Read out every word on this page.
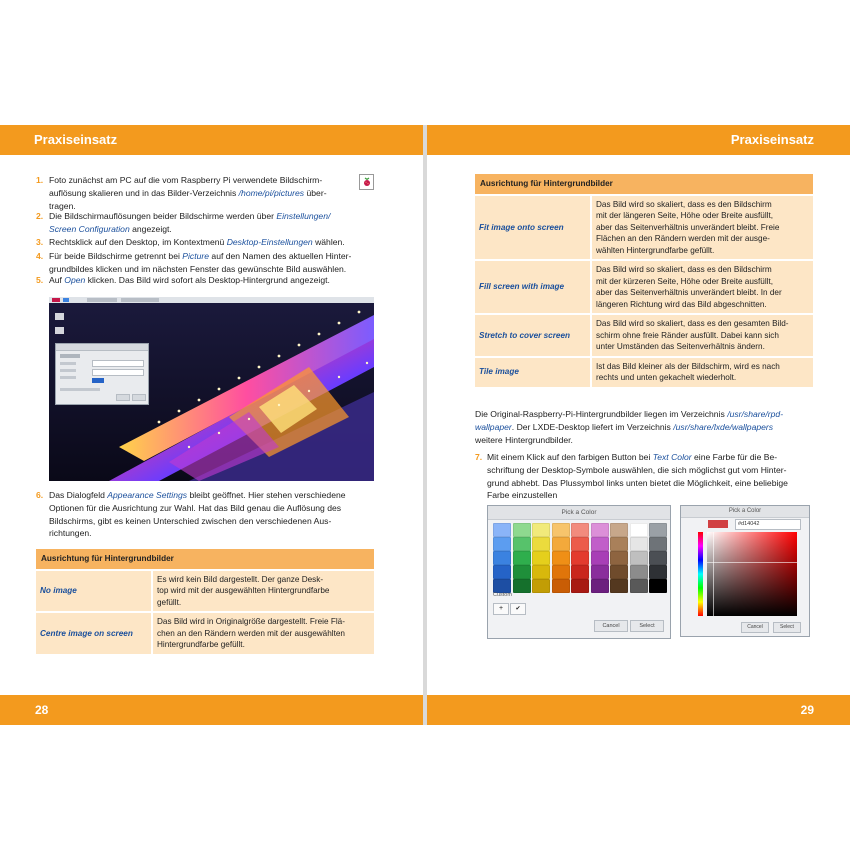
Praxiseinsatz
1. Foto zunächst am PC auf die vom Raspberry Pi verwendete Bildschirm-
auflösung skalieren und in das Bilder-Verzeichnis /home/pi/pictures über-
tragen.
2. Die Bildschirmauflösungen beider Bildschirme werden über Einstellungen/
Screen Configuration angezeigt.
3. Rechtsklick auf den Desktop, im Kontextmenü Desktop-Einstellungen wählen.
4. Für beide Bildschirme getrennt bei Picture auf den Namen des aktuellen Hinter-
grundbildes klicken und im nächsten Fenster das gewünschte Bild auswählen.
5. Auf Open klicken. Das Bild wird sofort als Desktop-Hintergrund angezeigt.
6. Das Dialogfeld Appearance Settings bleibt geöffnet. Hier stehen verschiedene
Optionen für die Ausrichtung zur Wahl. Hat das Bild genau die Auflösung des
Bildschirms, gibt es keinen Unterschied zwischen den verschiedenen Aus-
richtungen.
Ausrichtung für Hintergrundbilder	
No image	Es wird kein Bild dargestellt. Der ganze Desk-
top wird mit der ausgewählten Hintergrundfarbe
gefüllt.

Centre image on screen	Das Bild wird in Originalgröße dargestellt. Freie Flä-
chen an den Rändern werden mit der ausgewählten
Hintergrundfarbe gefüllt.
28
Praxiseinsatz
Ausrichtung für Hintergrundbilder	
Fit image onto screen	Das Bild wird so skaliert, dass es den Bildschirm
mit der längeren Seite, Höhe oder Breite ausfüllt,
aber das Seitenverhältnis unverändert bleibt. Freie
Flächen an den Rändern werden mit der ausge-
wählten Hintergrundfarbe gefüllt.

Fill screen with image	Das Bild wird so skaliert, dass es den Bildschirm
mit der kürzeren Seite, Höhe oder Breite ausfüllt,
aber das Seitenverhältnis unverändert bleibt. In der
längeren Richtung wird das Bild abgeschnitten.

Stretch to cover screen	Das Bild wird so skaliert, dass es den gesamten Bild-
schirm ohne freie Ränder ausfüllt. Dabei kann sich
unter Umständen das Seitenverhältnis ändern.

Tile image	Ist das Bild kleiner als der Bildschirm, wird es nach
rechts und unten gekachelt wiederholt.
Die Original-Raspberry-Pi-Hintergrundbilder liegen im Verzeichnis /usr/share/rpd-
wallpaper. Der LXDE-Desktop liefert im Verzeichnis /usr/share/lxde/wallpapers
weitere Hintergrundbilder.
7. Mit einem Klick auf den farbigen Button bei Text Color eine Farbe für die Be-
schriftung der Desktop-Symbole auswählen, die sich möglichst gut vom Hinter-
grund abhebt. Das Plussymbol links unten bietet die Möglichkeit, eine beliebige
Farbe einzustellen
Pick a Color
Custom
+	✔
Cancel	Select
Pick a Color
#d14042
Cancel	Select
29
